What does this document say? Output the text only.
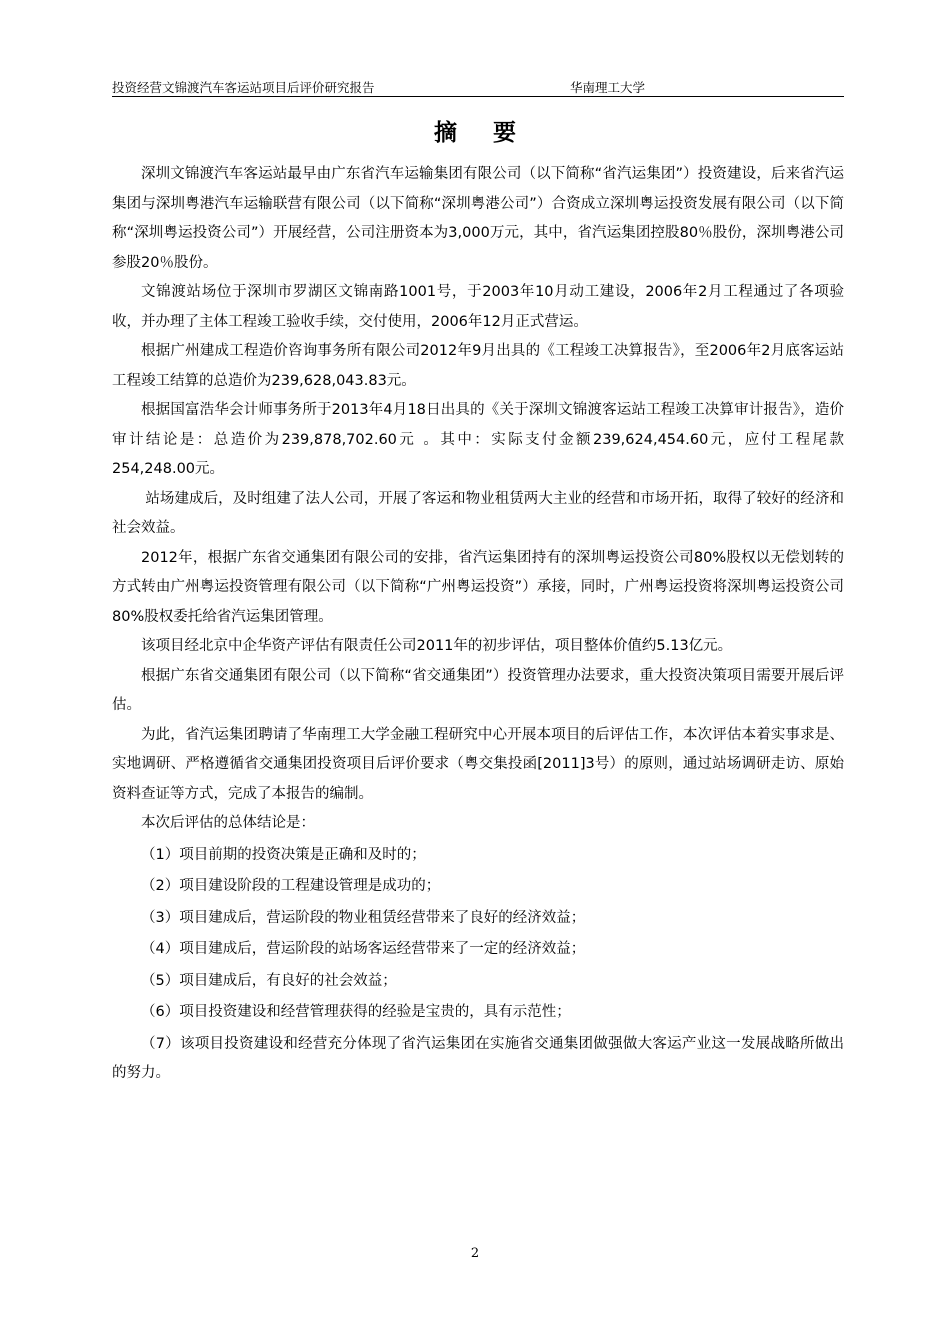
投资经营文锦渡汽车客运站项目后评价研究报告	华南理工大学
摘 要

深圳文锦渡汽车客运站最早由广东省汽车运输集团有限公司（以下简称“省汽运集团”）投资建设，后来省汽运集团与深圳粤港汽车运输联营有限公司（以下简称“深圳粤港公司”）合资成立深圳粤运投资发展有限公司（以下简称“深圳粤运投资公司”）开展经营，公司注册资本为3,000万元，其中，省汽运集团控股80％股份，深圳粤港公司参股20％股份。

文锦渡站场位于深圳市罗湖区文锦南路1001号，于2003年10月动工建设，2006年2月工程通过了各项验收，并办理了主体工程竣工验收手续，交付使用，2006年12月正式营运。

根据广州建成工程造价咨询事务所有限公司2012年9月出具的《工程竣工决算报告》，至2006年2月底客运站工程竣工结算的总造价为239,628,043.83元。

根据国富浩华会计师事务所于2013年4月18日出具的《关于深圳文锦渡客运站工程竣工决算审计报告》，造价审计结论是：总造价为239,878,702.60元 。其中：实际支付金额239,624,454.60元，应付工程尾款254,248.00元。

站场建成后，及时组建了法人公司，开展了客运和物业租赁两大主业的经营和市场开拓，取得了较好的经济和社会效益。

2012年，根据广东省交通集团有限公司的安排，省汽运集团持有的深圳粤运投资公司80%股权以无偿划转的方式转由广州粤运投资管理有限公司（以下简称“广州粤运投资”）承接，同时，广州粤运投资将深圳粤运投资公司80%股权委托给省汽运集团管理。

该项目经北京中企华资产评估有限责任公司2011年的初步评估，项目整体价值约5.13亿元。

根据广东省交通集团有限公司（以下简称“省交通集团”）投资管理办法要求，重大投资决策项目需要开展后评估。

为此，省汽运集团聘请了华南理工大学金融工程研究中心开展本项目的后评估工作，本次评估本着实事求是、实地调研、严格遵循省交通集团投资项目后评价要求（粤交集投函[2011]3号）的原则，通过站场调研走访、原始资料查证等方式，完成了本报告的编制。

本次后评估的总体结论是：

（1）项目前期的投资决策是正确和及时的；

（2）项目建设阶段的工程建设管理是成功的；

（3）项目建成后，营运阶段的物业租赁经营带来了良好的经济效益；

（4）项目建成后，营运阶段的站场客运经营带来了一定的经济效益；

（5）项目建成后，有良好的社会效益；

（6）项目投资建设和经营管理获得的经验是宝贵的，具有示范性；

（7）该项目投资建设和经营充分体现了省汽运集团在实施省交通集团做强做大客运产业这一发展战略所做出的努力。

2
